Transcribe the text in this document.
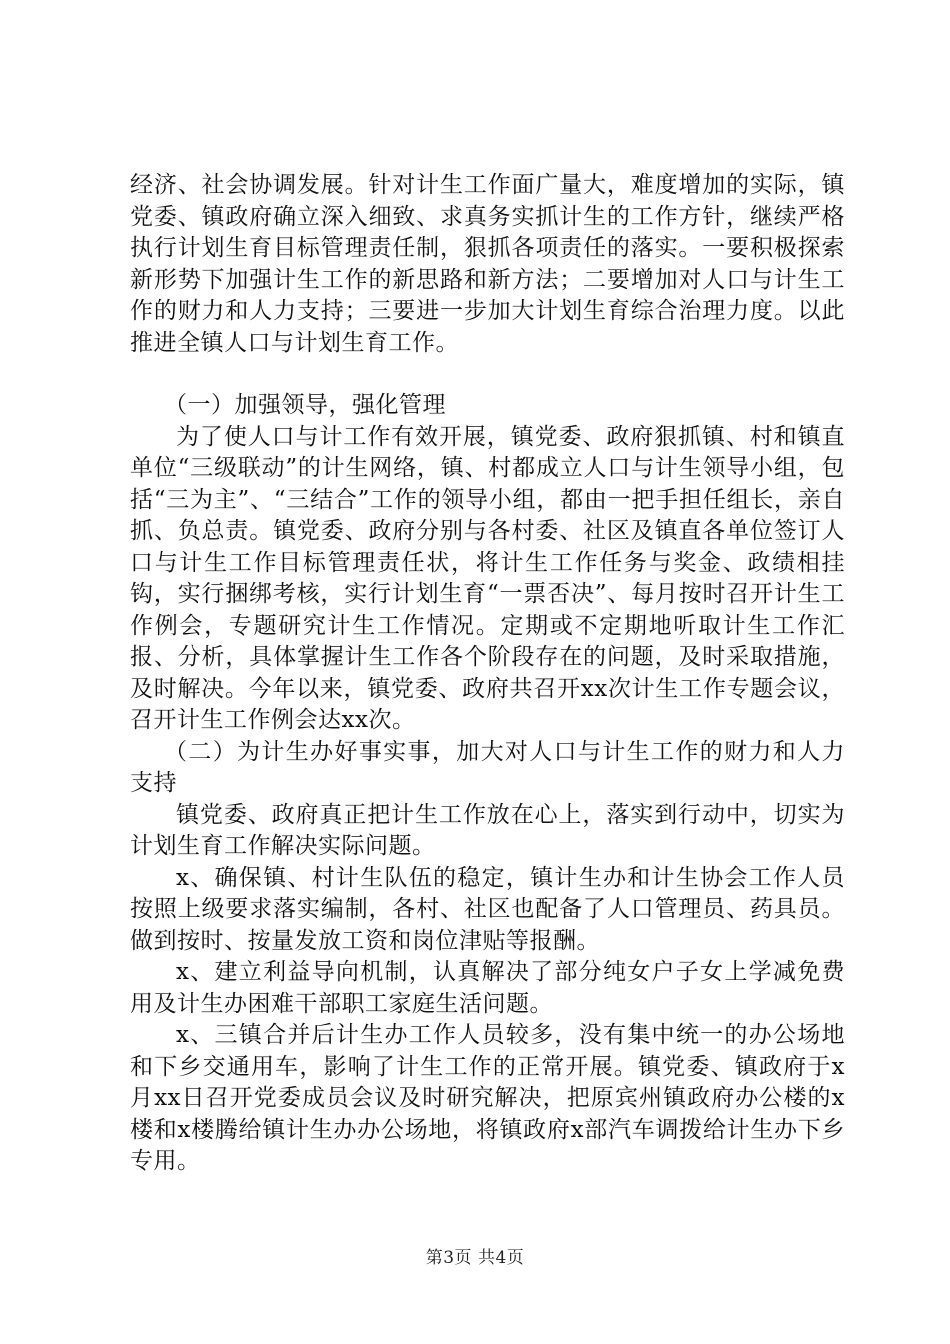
经济、社会协调发展。针对计生工作面广量大，难度增加的实际，镇党委、镇政府确立深入细致、求真务实抓计生的工作方针，继续严格执行计划生育目标管理责任制，狠抓各项责任的落实。一要积极探索新形势下加强计生工作的新思路和新方法；二要增加对人口与计生工作的财力和人力支持；三要进一步加大计划生育综合治理力度。以此推进全镇人口与计划生育工作。

（一）加强领导，强化管理

为了使人口与计工作有效开展，镇党委、政府狠抓镇、村和镇直单位“三级联动”的计生网络，镇、村都成立人口与计生领导小组，包括“三为主”、“三结合”工作的领导小组，都由一把手担任组长，亲自抓、负总责。镇党委、政府分别与各村委、社区及镇直各单位签订人口与计生工作目标管理责任状，将计生工作任务与奖金、政绩相挂钩，实行捆绑考核，实行计划生育“一票否决”、每月按时召开计生工作例会，专题研究计生工作情况。定期或不定期地听取计生工作汇报、分析，具体掌握计生工作各个阶段存在的问题，及时采取措施，及时解决。今年以来，镇党委、政府共召开xx次计生工作专题会议，召开计生工作例会达xx次。

（二）为计生办好事实事，加大对人口与计生工作的财力和人力支持

镇党委、政府真正把计生工作放在心上，落实到行动中，切实为计划生育工作解决实际问题。

x、确保镇、村计生队伍的稳定，镇计生办和计生协会工作人员按照上级要求落实编制，各村、社区也配备了人口管理员、药具员。做到按时、按量发放工资和岗位津贴等报酬。

x、建立利益导向机制，认真解决了部分纯女户子女上学减免费用及计生办困难干部职工家庭生活问题。

x、三镇合并后计生办工作人员较多，没有集中统一的办公场地和下乡交通用车，影响了计生工作的正常开展。镇党委、镇政府于x月xx日召开党委成员会议及时研究解决，把原宾州镇政府办公楼的x楼和x楼腾给镇计生办办公场地，将镇政府x部汽车调拨给计生办下乡专用。

第3页 共4页
